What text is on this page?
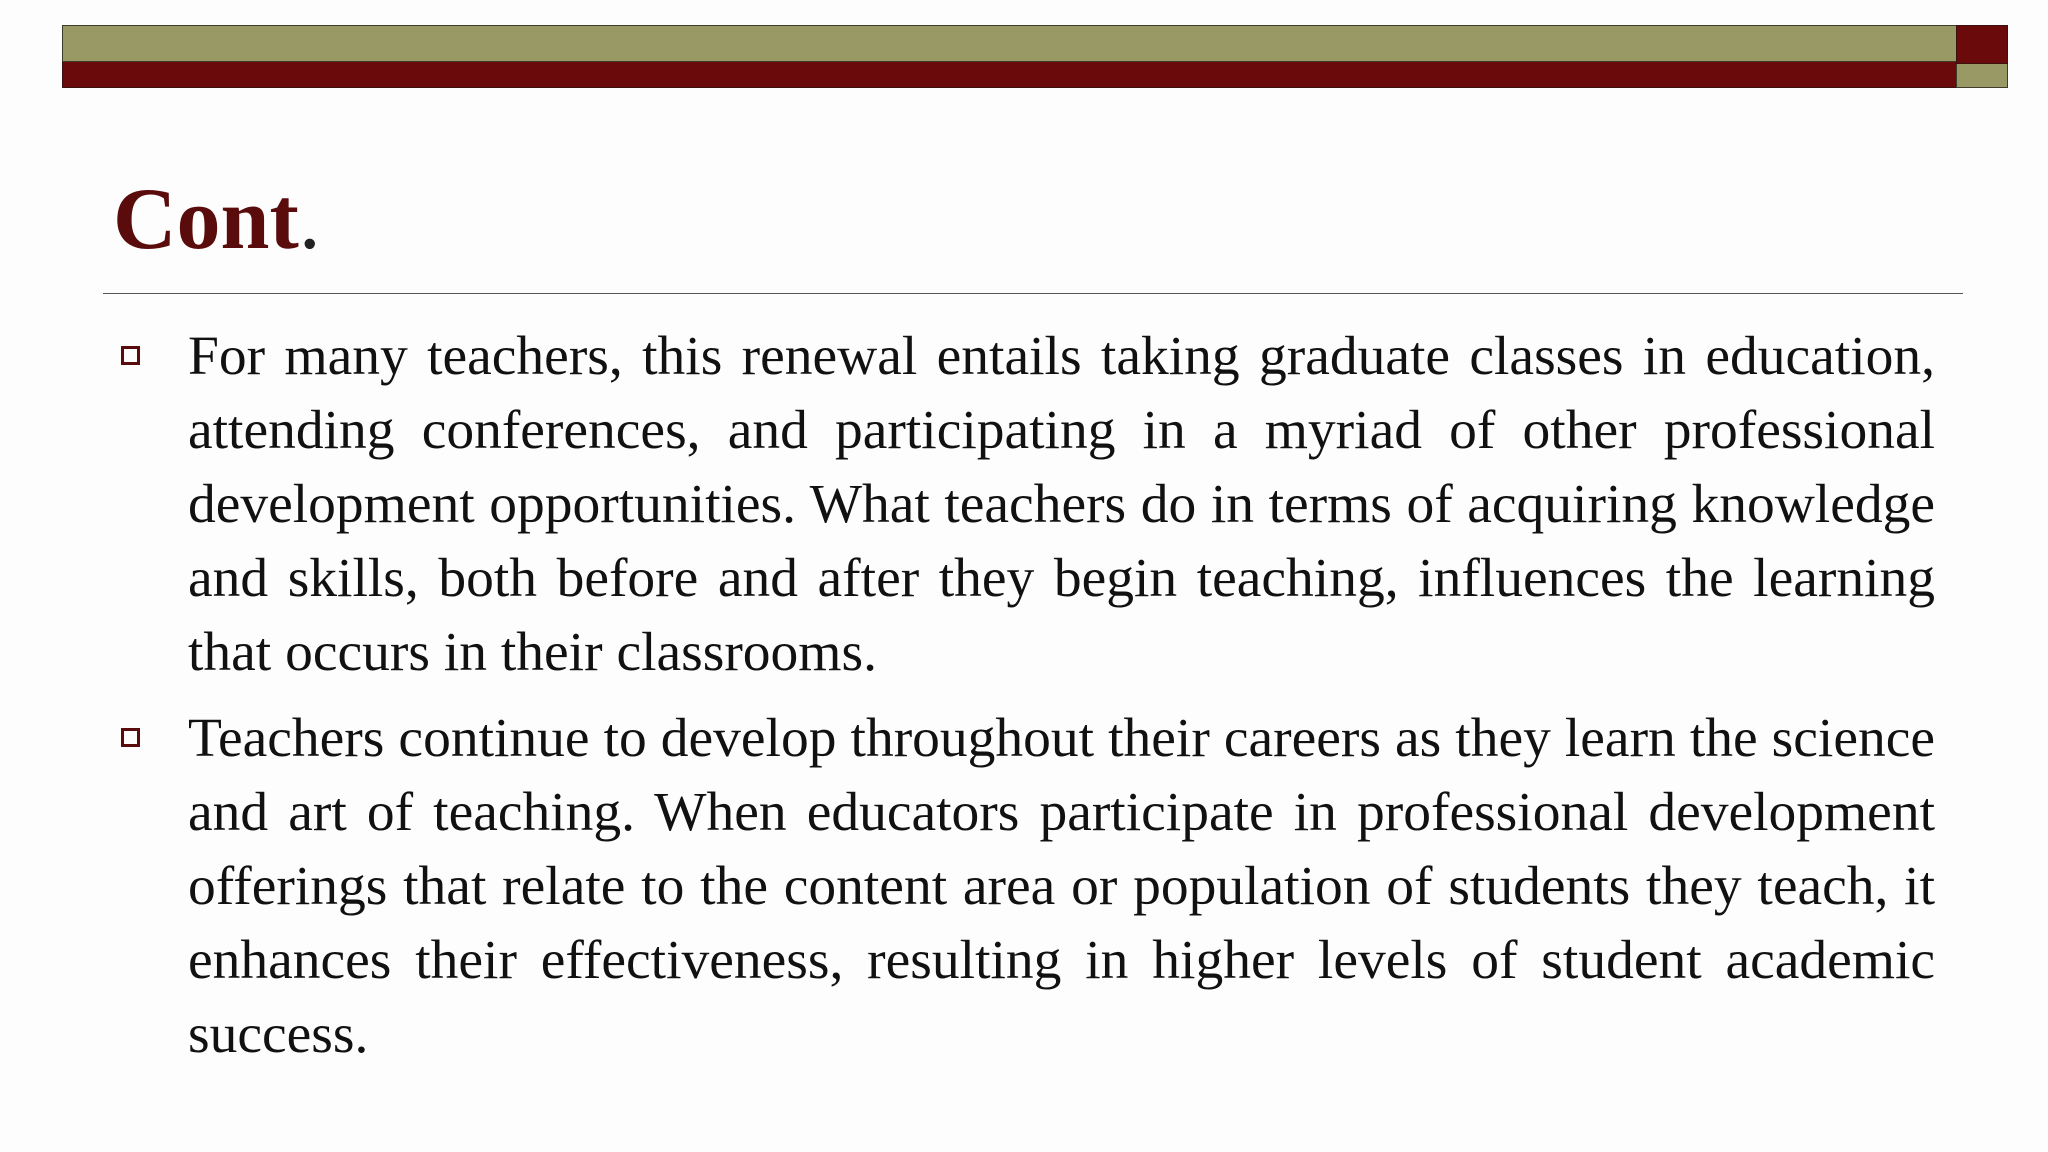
Cont.
For many teachers, this renewal entails taking graduate classes in education, attending conferences, and participating in a myriad of other professional development opportunities. What teachers do in terms of acquiring knowledge and skills, both before and after they begin teaching, influences the learning that occurs in their classrooms.
Teachers continue to develop throughout their careers as they learn the science and art of teaching. When educators participate in professional development offerings that relate to the content area or population of students they teach, it enhances their effectiveness, resulting in higher levels of student academic success.
